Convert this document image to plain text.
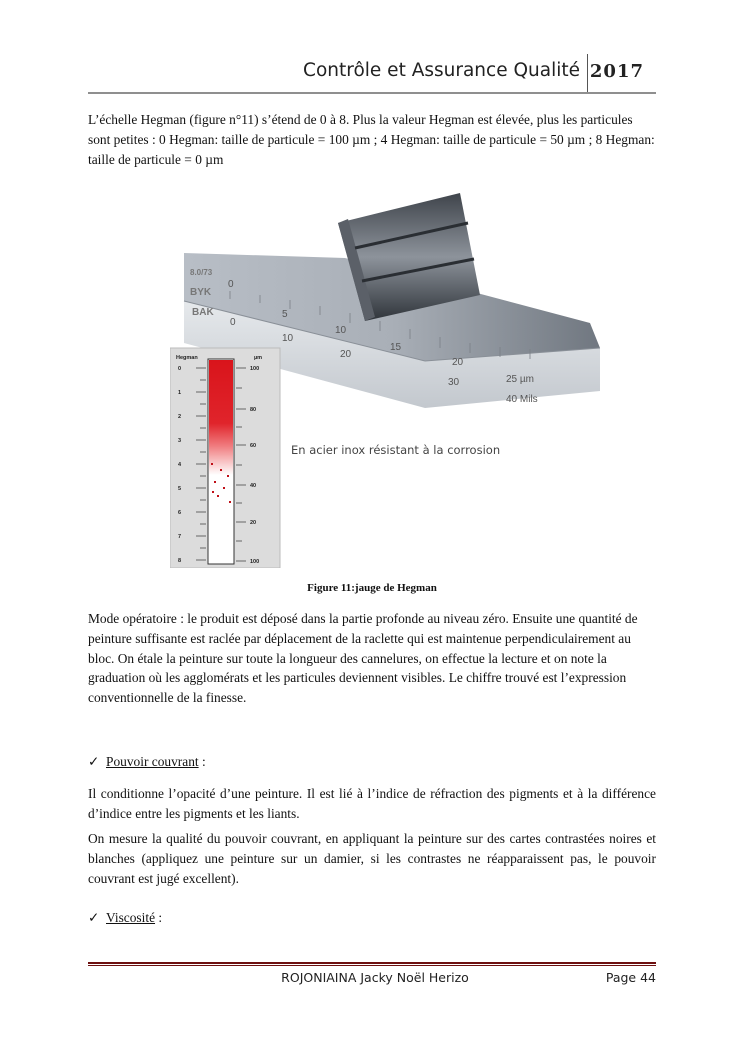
Contrôle et Assurance Qualité 2017

L’échelle Hegman (figure n°11) s’étend de 0 à 8. Plus la valeur Hegman est élevée, plus les particules sont petites : 0 Hegman: taille de particule = 100 µm ; 4 Hegman: taille de particule = 50 µm ; 8 Hegman: taille de particule = 0 µm

0
5
10
15
20
25 µm
0
10
20
30
40 Mils
8.0/73
BYK
BAK
En acier inox résistant à la corrosion
Hegman	µm
0
1
2
3
4
5
6
7
8
100
80
60
40
20
100
Figure 11:jauge de Hegman

Mode opératoire : le produit est déposé dans la partie profonde au niveau zéro. Ensuite une quantité de peinture suffisante est raclée par déplacement de la raclette qui est maintenue perpendiculairement au bloc. On étale la peinture sur toute la longueur des cannelures, on effectue la lecture et on note la graduation où les agglomérats et les particules deviennent visibles. Le chiffre trouvé est l’expression conventionnelle de la finesse.

✓ Pouvoir couvrant :

Il conditionne l’opacité d’une peinture. Il est lié à l’indice de réfraction des pigments et à la différence d’indice entre les pigments et les liants.

On mesure la qualité du pouvoir couvrant, en appliquant la peinture sur des cartes contrastées noires et blanches (appliquez une peinture sur un damier, si les contrastes ne réapparaissent pas, le pouvoir couvrant est jugé excellent).

✓ Viscosité :
ROJONIAINA Jacky Noël Herizo	Page 44
